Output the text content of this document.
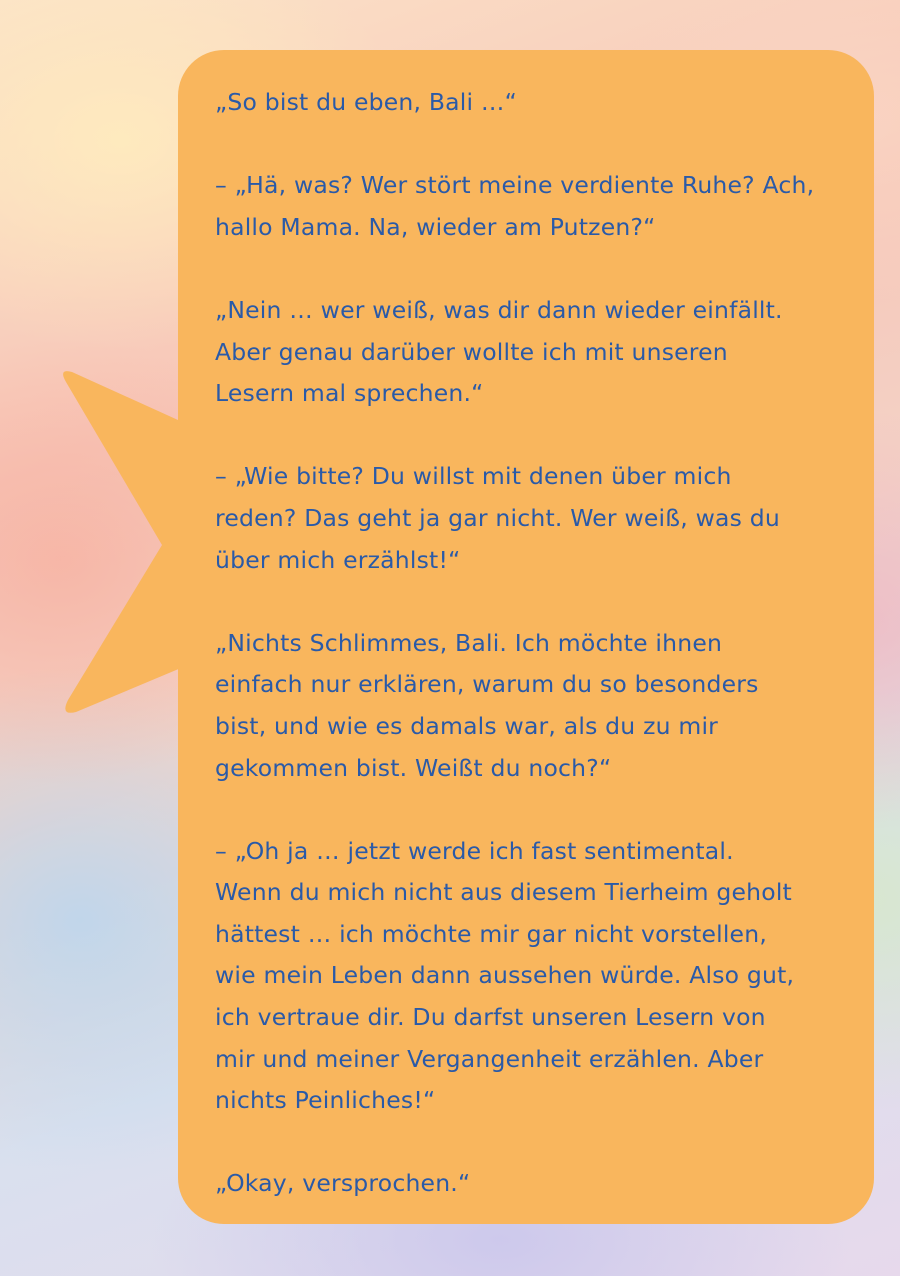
„So bist du eben, Bali …“
– „Hä, was? Wer stört meine verdiente Ruhe? Ach,
hallo Mama. Na, wieder am Putzen?“
„Nein … wer weiß, was dir dann wieder einfällt.
Aber genau darüber wollte ich mit unseren
Lesern mal sprechen.“
– „Wie bitte? Du willst mit denen über mich
reden? Das geht ja gar nicht. Wer weiß, was du
über mich erzählst!“
„Nichts Schlimmes, Bali. Ich möchte ihnen
einfach nur erklären, warum du so besonders
bist, und wie es damals war, als du zu mir
gekommen bist. Weißt du noch?“
– „Oh ja … jetzt werde ich fast sentimental.
Wenn du mich nicht aus diesem Tierheim geholt
hättest … ich möchte mir gar nicht vorstellen,
wie mein Leben dann aussehen würde. Also gut,
ich vertraue dir. Du darfst unseren Lesern von
mir und meiner Vergangenheit erzählen. Aber
nichts Peinliches!“
„Okay, versprochen.“
